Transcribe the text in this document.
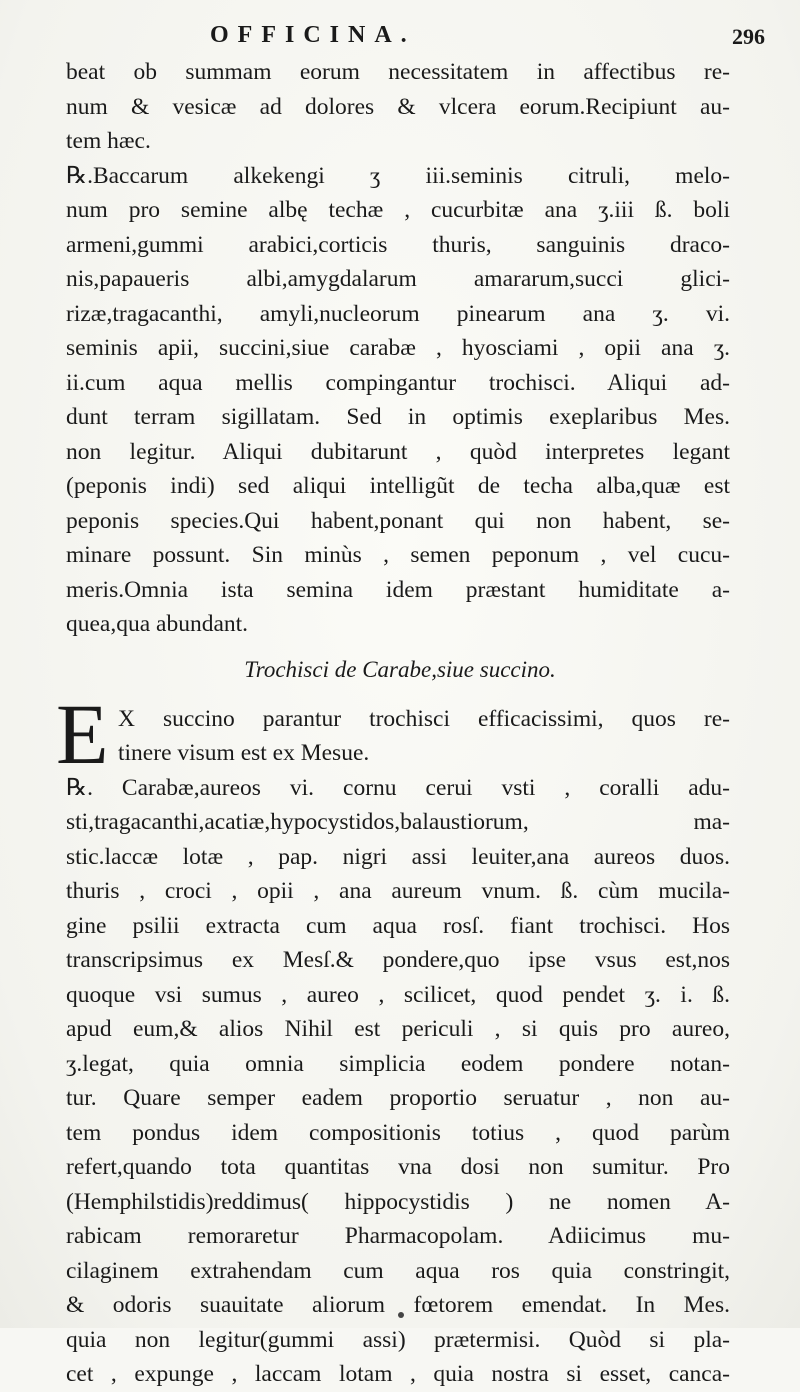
OFFICINA.	296
Trochisci de Carabe,siue succino.
E
beat ob summam eorum necessitatem in affectibus re-
num & vesicæ ad dolores & vlcera eorum.Recipiunt au-
tem hæc.
℞.Baccarum alkekengi ʒ iii.seminis citruli, melo-
num pro semine albę techæ , cucurbitæ ana ʒ.iii ß. boli
armeni,gummi arabici,corticis thuris, sanguinis draco-
nis,papaueris albi,amygdalarum amararum,succi glici-
rizæ,tragacanthi, amyli,nucleorum pinearum ana ʒ. vi.
seminis apii, succini,siue carabæ , hyosciami , opii ana ʒ.
ii.cum aqua mellis compingantur trochisci. Aliqui ad-
dunt terram sigillatam. Sed in optimis exeplaribus Mes.
non legitur. Aliqui dubitarunt , quòd interpretes legant
(peponis indi) sed aliqui intelligũt de techa alba,quæ est
peponis species.Qui habent,ponant qui non habent, se-
minare possunt. Sin minùs , semen peponum , vel cucu-
meris.Omnia ista semina idem præstant humiditate a-
quea,qua abundant.
X succino parantur trochisci efficacissimi, quos re-
tinere visum est ex Mesue.
℞. Carabæ,aureos vi. cornu cerui vsti , coralli adu-
sti,tragacanthi,acatiæ,hypocystidos,balaustiorum, ma-
stic.laccæ lotæ , pap. nigri assi leuiter,ana aureos duos.
thuris , croci , opii , ana aureum vnum. ß. cùm mucila-
gine psilii extracta cum aqua rosſ. fiant trochisci. Hos
transcripsimus ex Mesſ.& pondere,quo ipse vsus est,nos
quoque vsi sumus , aureo , scilicet, quod pendet ʒ. i. ß.
apud eum,& alios Nihil est periculi , si quis pro aureo,
ʒ.legat, quia omnia simplicia eodem pondere notan-
tur. Quare semper eadem proportio seruatur , non au-
tem pondus idem compositionis totius , quod parùm
refert,quando tota quantitas vna dosi non sumitur. Pro
(Hemphilstidis)reddimus( hippocystidis ) ne nomen A-
rabicam remoraretur Pharmacopolam. Adiicimus mu-
cilaginem extrahendam cum aqua ros quia constringit,
& odoris suauitate aliorum fœtorem emendat. In Mes.
quia non legitur(gummi assi) prætermisi. Quòd si pla-
cet , expunge , laccam lotam , quia nostra si esset, canca-
